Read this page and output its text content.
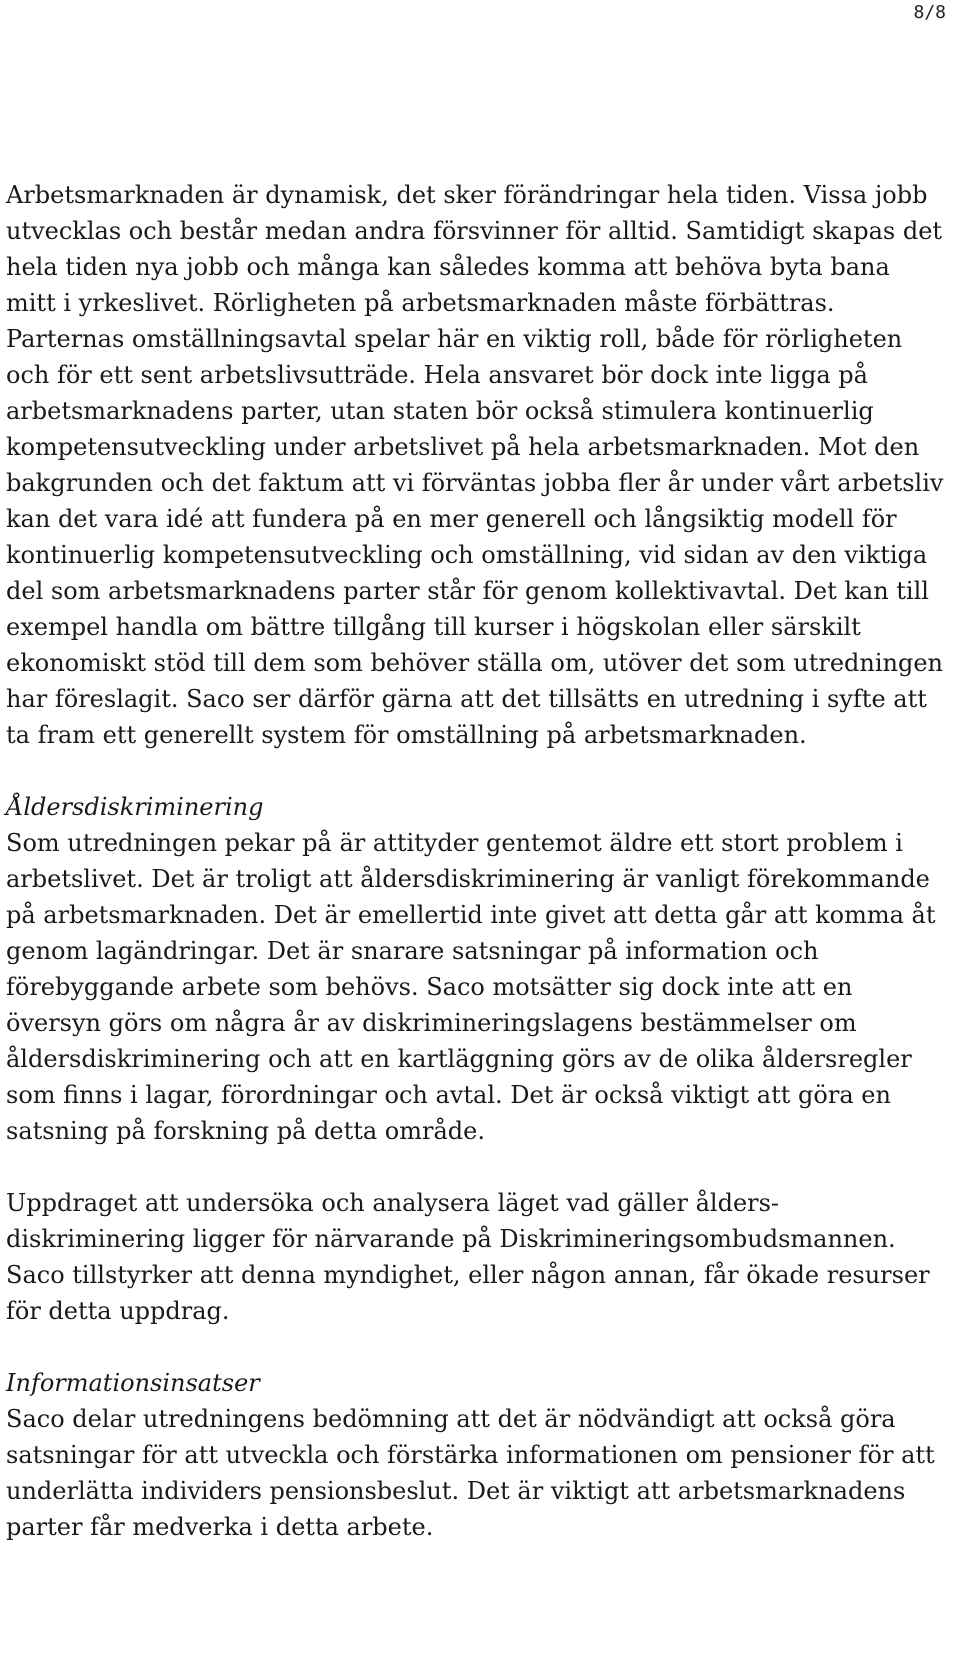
8/8

Arbetsmarknaden är dynamisk, det sker förändringar hela tiden. Vissa jobb utvecklas och består medan andra försvinner för alltid. Samtidigt skapas det hela tiden nya jobb och många kan således komma att behöva byta bana mitt i yrkeslivet. Rörligheten på arbetsmarknaden måste förbättras. Parternas omställningsavtal spelar här en viktig roll, både för rörligheten och för ett sent arbetslivsutträde. Hela ansvaret bör dock inte ligga på arbetsmarknadens parter, utan staten bör också stimulera kontinuerlig kompetensutveckling under arbetslivet på hela arbetsmarknaden. Mot den bakgrunden och det faktum att vi förväntas jobba fler år under vårt arbetsliv kan det vara idé att fundera på en mer generell och långsiktig modell för kontinuerlig kompetensutveckling och omställning, vid sidan av den viktiga del som arbetsmarknadens parter står för genom kollektivavtal. Det kan till exempel handla om bättre tillgång till kurser i högskolan eller särskilt ekonomiskt stöd till dem som behöver ställa om, utöver det som utredningen har föreslagit. Saco ser därför gärna att det tillsätts en utredning i syfte att ta fram ett generellt system för omställning på arbetsmarknaden.

Åldersdiskriminering

Som utredningen pekar på är attityder gentemot äldre ett stort problem i arbetslivet. Det är troligt att åldersdiskriminering är vanligt förekommande på arbetsmarknaden. Det är emellertid inte givet att detta går att komma åt genom lagändringar. Det är snarare satsningar på information och förebyggande arbete som behövs. Saco motsätter sig dock inte att en översyn görs om några år av diskrimineringslagens bestämmelser om åldersdiskriminering och att en kartläggning görs av de olika åldersregler som finns i lagar, förordningar och avtal. Det är också viktigt att göra en satsning på forskning på detta område.

Uppdraget att undersöka och analysera läget vad gäller ålders-diskriminering ligger för närvarande på Diskrimineringsombudsmannen. Saco tillstyrker att denna myndighet, eller någon annan, får ökade resurser för detta uppdrag.

Informationsinsatser

Saco delar utredningens bedömning att det är nödvändigt att också göra satsningar för att utveckla och förstärka informationen om pensioner för att underlätta individers pensionsbeslut. Det är viktigt att arbetsmarknadens parter får medverka i detta arbete.
